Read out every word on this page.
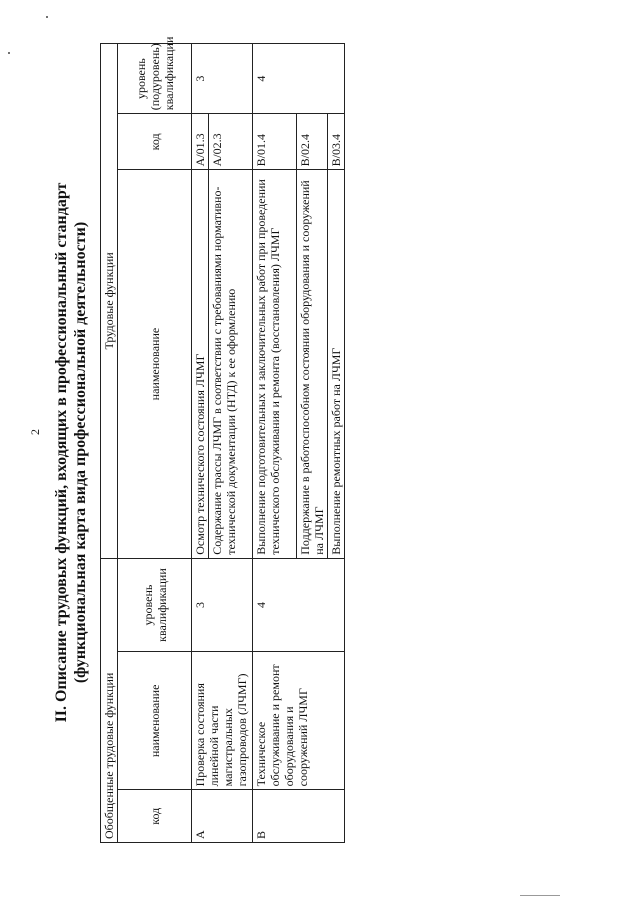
2 II. Описание трудовых функций, входящих в профессиональный стандарт (функциональная карта вида профессиональной деятельности)
Обобщенные трудовые функции			Трудовые функции		
код	наименование	уровень квалификации	наименование	код	уровень (подуровень) квалификации
А	Проверка состояния линейной части магистральных газопроводов (ЛЧМГ)	3	Осмотр технического состояния ЛЧМГ	А/01.3	3
			Содержание трассы ЛЧМГ в соответствии с требованиями нормативно-технической документации (НТД) к ее оформлению	А/02.3	
В	Техническое обслуживание и ремонт оборудования и сооружений ЛЧМГ	4	Выполнение подготовительных и заключительных работ при проведении технического обслуживания и ремонта (восстановления) ЛЧМГ	В/01.4	4
			Поддержание в работоспособном состоянии оборудования и сооружений на ЛЧМГ	В/02.4	
			Выполнение ремонтных работ на ЛЧМГ	В/03.4	
